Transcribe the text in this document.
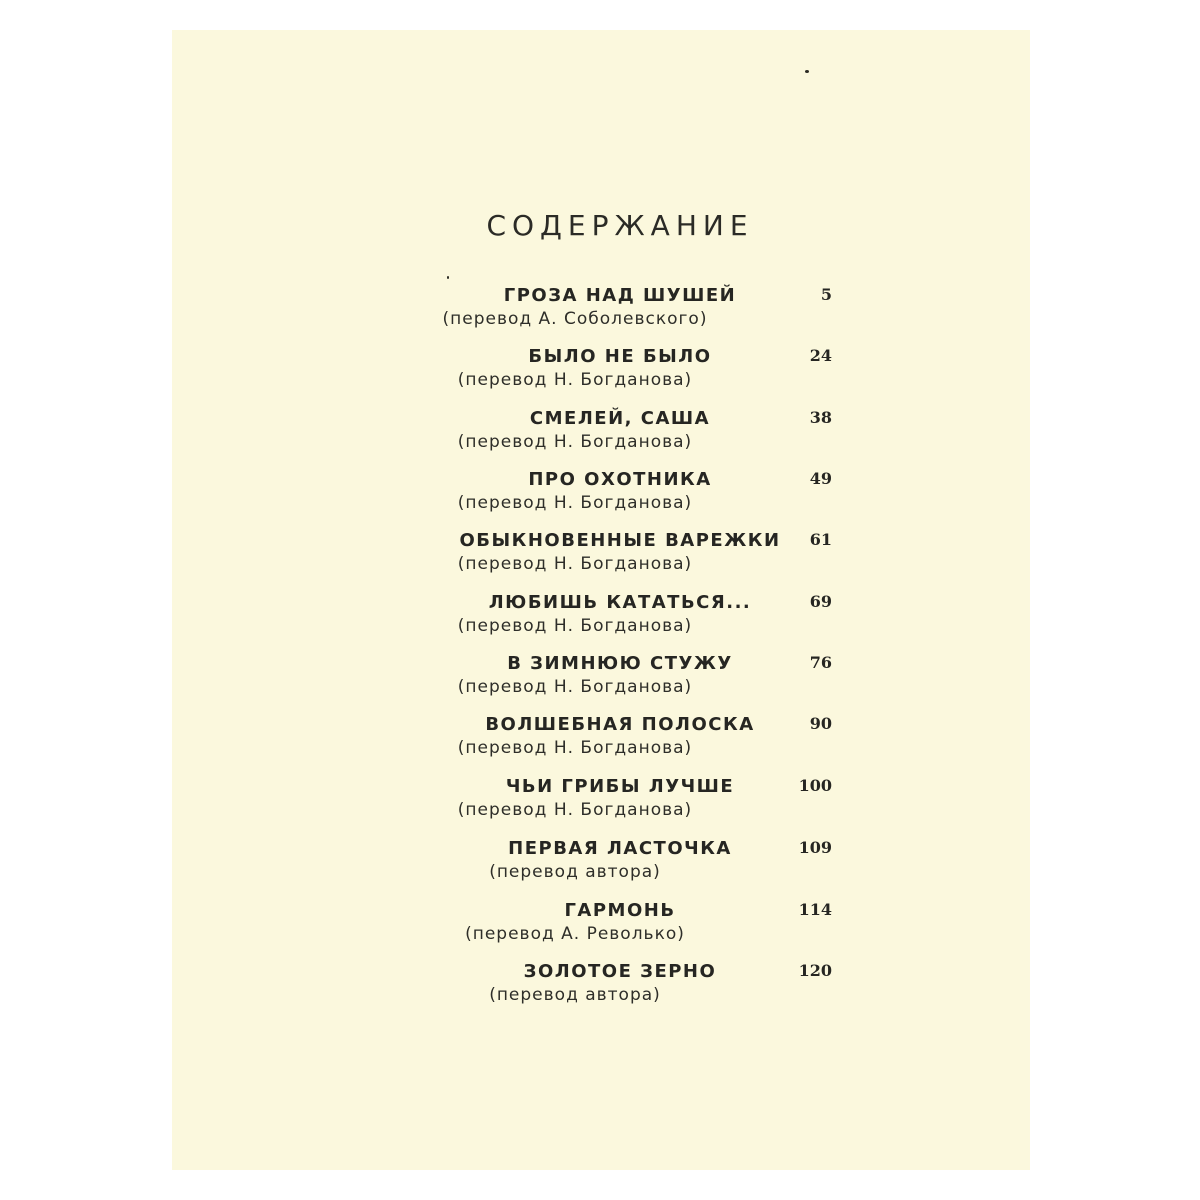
СОДЕРЖАНИЕ
ГРОЗА НАД ШУШЕЙ
(перевод А. Соболевского)
5
БЫЛО НЕ БЫЛО
(перевод Н. Богданова)
24
СМЕЛЕЙ, САША
(перевод Н. Богданова)
38
ПРО ОХОТНИКА
(перевод Н. Богданова)
49
ОБЫКНОВЕННЫЕ ВАРЕЖКИ
(перевод Н. Богданова)
61
ЛЮБИШЬ КАТАТЬСЯ...
(перевод Н. Богданова)
69
В ЗИМНЮЮ СТУЖУ
(перевод Н. Богданова)
76
ВОЛШЕБНАЯ ПОЛОСКА
(перевод Н. Богданова)
90
ЧЬИ ГРИБЫ ЛУЧШЕ
(перевод Н. Богданова)
100
ПЕРВАЯ ЛАСТОЧКА
(перевод автора)
109
ГАРМОНЬ
(перевод А. Револько)
114
ЗОЛОТОЕ ЗЕРНО
(перевод автора)
120
